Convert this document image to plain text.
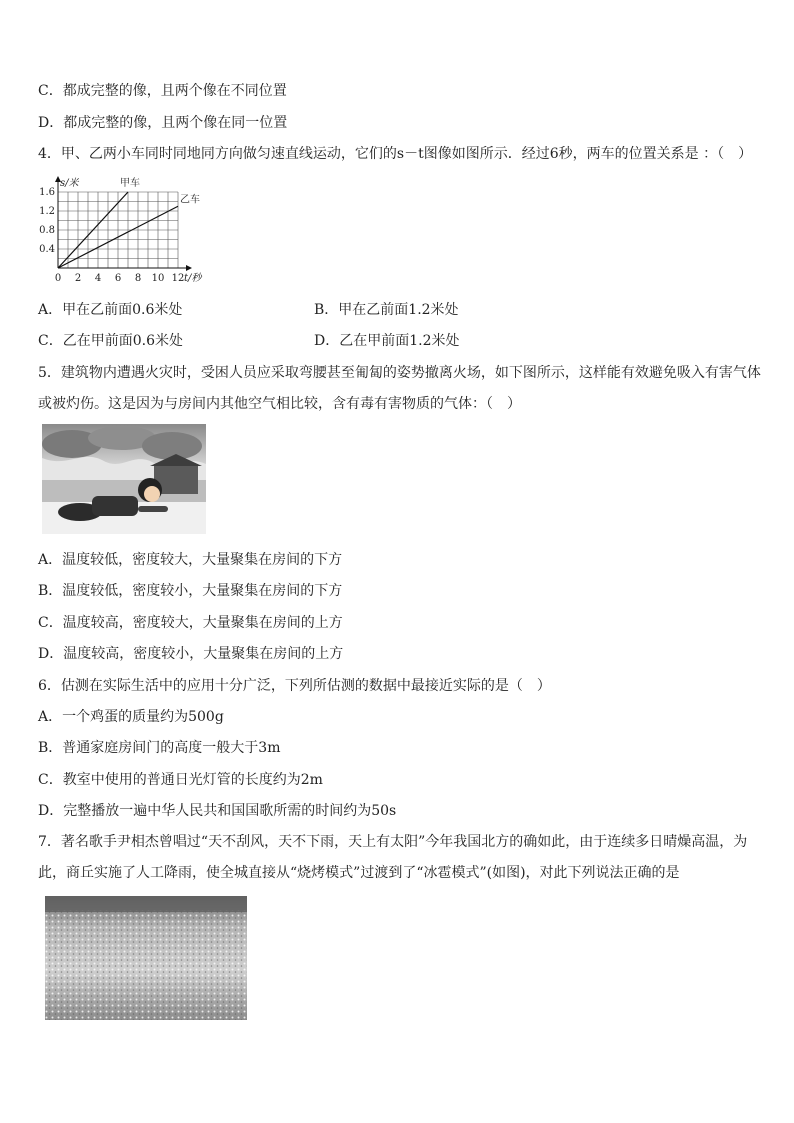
C．都成完整的像，且两个像在不同位置
D．都成完整的像，且两个像在同一位置
4．甲、乙两小车同时同地同方向做匀速直线运动，它们的s－t图像如图所示．经过6秒，两车的位置关系是 ：（　）
0 2 4 6 8 10 12
0.4
0.8
1.2
1.6
s/米
t/秒
甲车
乙车
A．甲在乙前面0.6米处	B．甲在乙前面1.2米处
C．乙在甲前面0.6米处	D．乙在甲前面1.2米处
5．建筑物内遭遇火灾时，受困人员应采取弯腰甚至匍匐的姿势撤离火场，如下图所示，这样能有效避免吸入有害气体
或被灼伤。这是因为与房间内其他空气相比较，含有毒有害物质的气体：（　）
A．温度较低，密度较大，大量聚集在房间的下方
B．温度较低，密度较小，大量聚集在房间的下方
C．温度较高，密度较大，大量聚集在房间的上方
D．温度较高，密度较小，大量聚集在房间的上方
6．估测在实际生活中的应用十分广泛，下列所估测的数据中最接近实际的是（　）
A．一个鸡蛋的质量约为500g
B．普通家庭房间门的高度一般大于3m
C．教室中使用的普通日光灯管的长度约为2m
D．完整播放一遍中华人民共和国国歌所需的时间约为50s
7．著名歌手尹相杰曾唱过“天不刮风，天不下雨，天上有太阳”今年我国北方的确如此，由于连续多日晴燥高温，为
此，商丘实施了人工降雨，使全城直接从“烧烤模式”过渡到了“冰雹模式”(如图)，对此下列说法正确的是
